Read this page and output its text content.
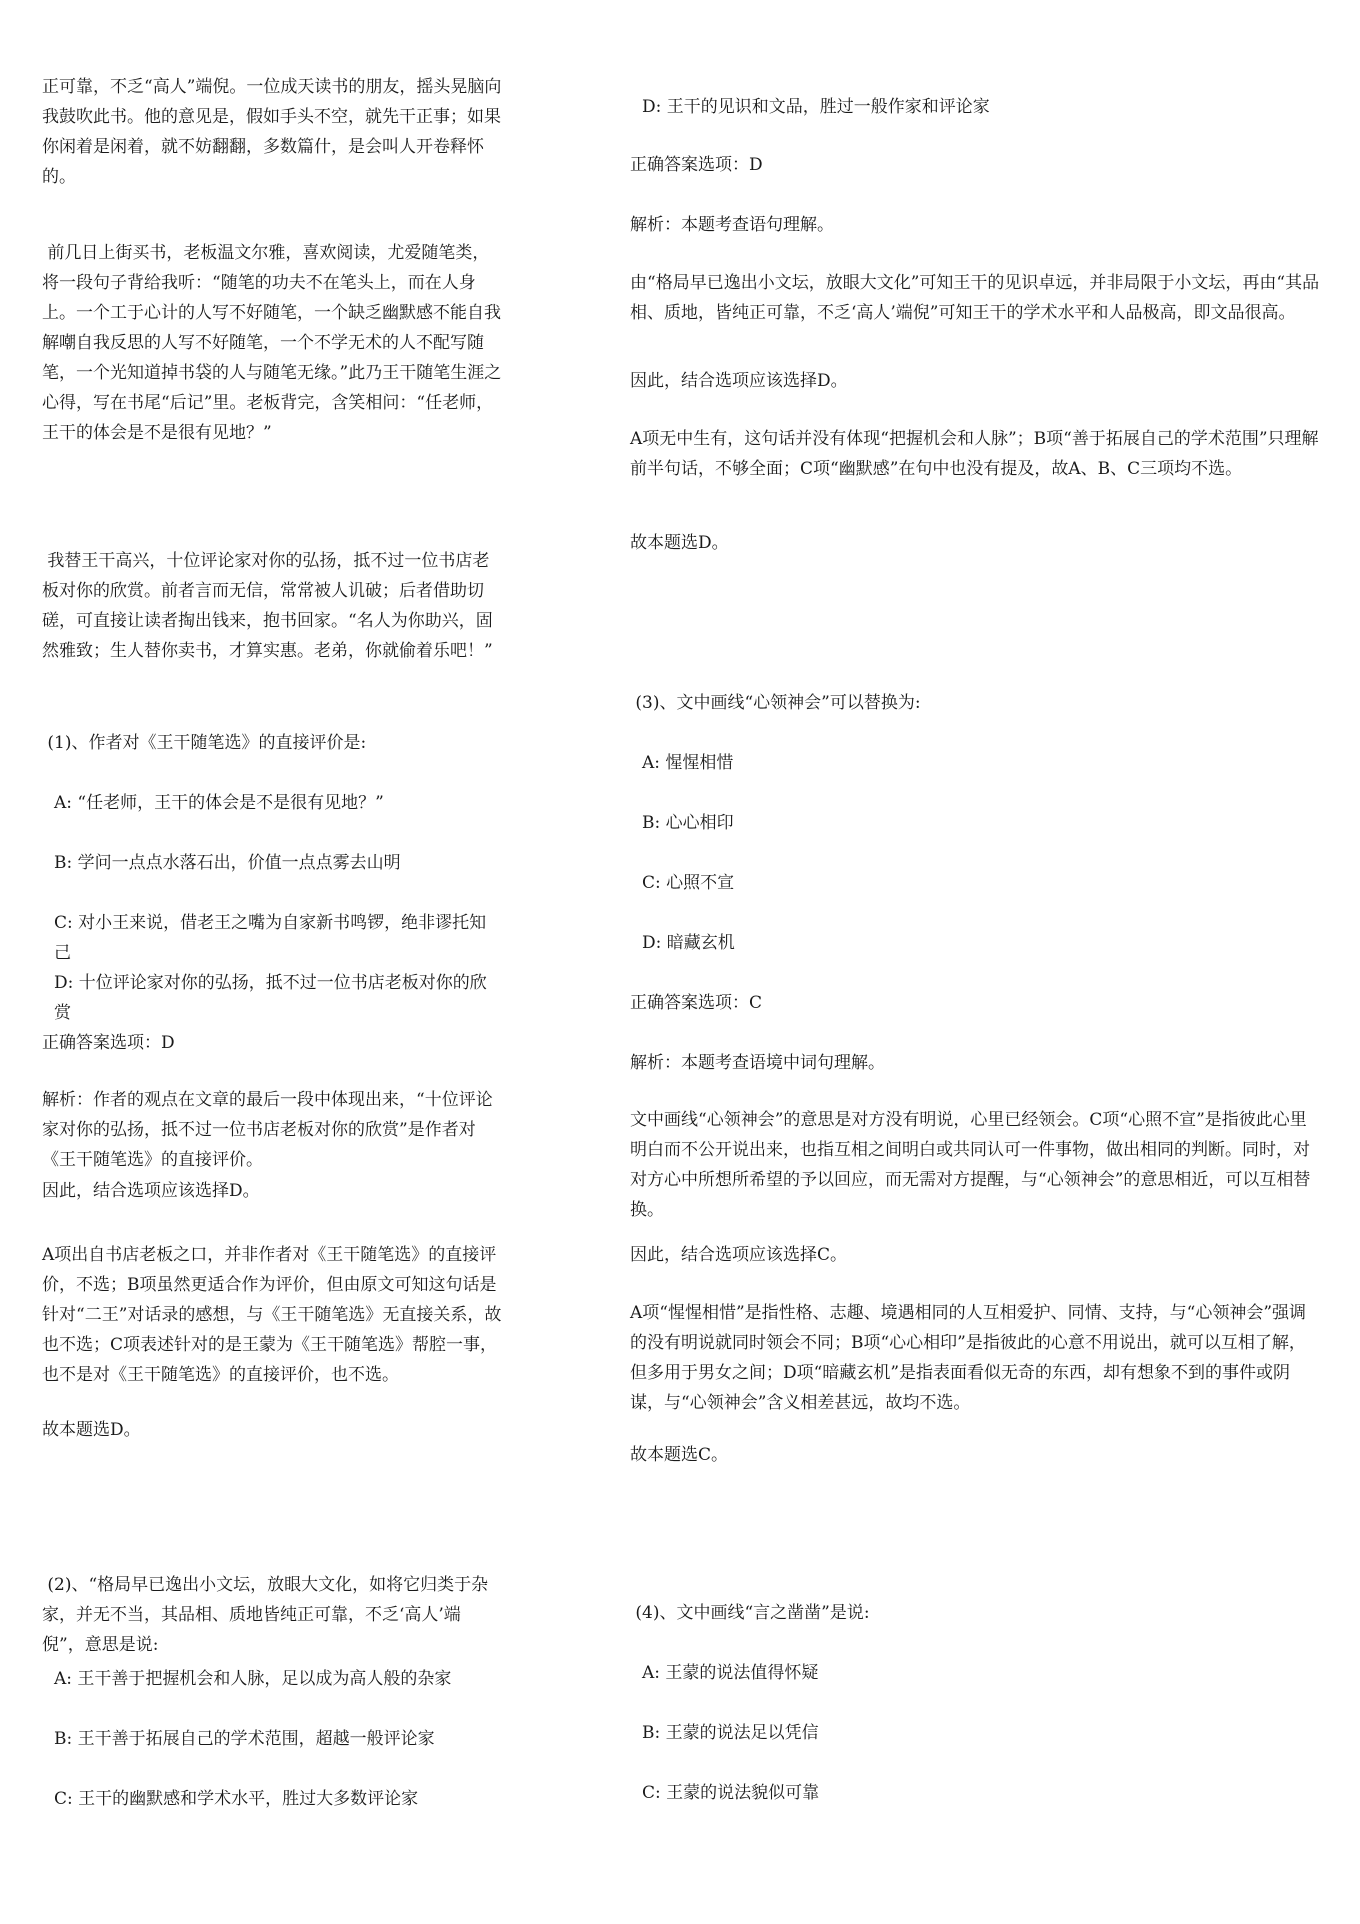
正可靠，不乏“高人”端倪。一位成天读书的朋友，摇头晃脑向我鼓吹此书。他的意见是，假如手头不空，就先干正事；如果你闲着是闲着，就不妨翻翻，多数篇什，是会叫人开卷释怀的。

前几日上街买书，老板温文尔雅，喜欢阅读，尤爱随笔类，将一段句子背给我听：“随笔的功夫不在笔头上，而在人身上。一个工于心计的人写不好随笔，一个缺乏幽默感不能自我解嘲自我反思的人写不好随笔，一个不学无术的人不配写随笔，一个光知道掉书袋的人与随笔无缘。”此乃王干随笔生涯之心得，写在书尾“后记”里。老板背完，含笑相问：“任老师，王干的体会是不是很有见地？”

我替王干高兴，十位评论家对你的弘扬，抵不过一位书店老板对你的欣赏。前者言而无信，常常被人讥破；后者借助切磋，可直接让读者掏出钱来，抱书回家。“名人为你助兴，固然雅致；生人替你卖书，才算实惠。老弟，你就偷着乐吧！”

(1)、作者对《王干随笔选》的直接评价是:

A: “任老师，王干的体会是不是很有见地？”

B: 学问一点点水落石出，价值一点点雾去山明

C: 对小王来说，借老王之嘴为自家新书鸣锣，绝非谬托知己

D: 十位评论家对你的弘扬，抵不过一位书店老板对你的欣赏

正确答案选项：D

解析：作者的观点在文章的最后一段中体现出来，“十位评论家对你的弘扬，抵不过一位书店老板对你的欣赏”是作者对《王干随笔选》的直接评价。

因此，结合选项应该选择D。

A项出自书店老板之口，并非作者对《王干随笔选》的直接评价，不选；B项虽然更适合作为评价，但由原文可知这句话是针对“二王”对话录的感想，与《王干随笔选》无直接关系，故也不选；C项表述针对的是王蒙为《王干随笔选》帮腔一事，也不是对《王干随笔选》的直接评价，也不选。

故本题选D。

(2)、“格局早已逸出小文坛，放眼大文化，如将它归类于杂家，并无不当，其品相、质地皆纯正可靠，不乏‘高人’端倪”，意思是说:

A: 王干善于把握机会和人脉，足以成为高人般的杂家

B: 王干善于拓展自己的学术范围，超越一般评论家

C: 王干的幽默感和学术水平，胜过大多数评论家

D: 王干的见识和文品，胜过一般作家和评论家

正确答案选项：D

解析：本题考查语句理解。

由“格局早已逸出小文坛，放眼大文化”可知王干的见识卓远，并非局限于小文坛，再由“其品相、质地，皆纯正可靠，不乏‘高人’端倪”可知王干的学术水平和人品极高，即文品很高。

因此，结合选项应该选择D。

A项无中生有，这句话并没有体现“把握机会和人脉”；B项“善于拓展自己的学术范围”只理解前半句话，不够全面；C项“幽默感”在句中也没有提及，故A、B、C三项均不选。

故本题选D。

(3)、文中画线“心领神会”可以替换为:

A: 惺惺相惜

B: 心心相印

C: 心照不宣

D: 暗藏玄机

正确答案选项：C

解析：本题考查语境中词句理解。

文中画线“心领神会”的意思是对方没有明说，心里已经领会。C项“心照不宣”是指彼此心里明白而不公开说出来，也指互相之间明白或共同认可一件事物，做出相同的判断。同时，对对方心中所想所希望的予以回应，而无需对方提醒，与“心领神会”的意思相近，可以互相替换。

因此，结合选项应该选择C。

A项“惺惺相惜”是指性格、志趣、境遇相同的人互相爱护、同情、支持，与“心领神会”强调的没有明说就同时领会不同；B项“心心相印”是指彼此的心意不用说出，就可以互相了解，但多用于男女之间；D项“暗藏玄机”是指表面看似无奇的东西，却有想象不到的事件或阴谋，与“心领神会”含义相差甚远，故均不选。

故本题选C。

(4)、文中画线“言之凿凿”是说:

A: 王蒙的说法值得怀疑

B: 王蒙的说法足以凭信

C: 王蒙的说法貌似可靠
